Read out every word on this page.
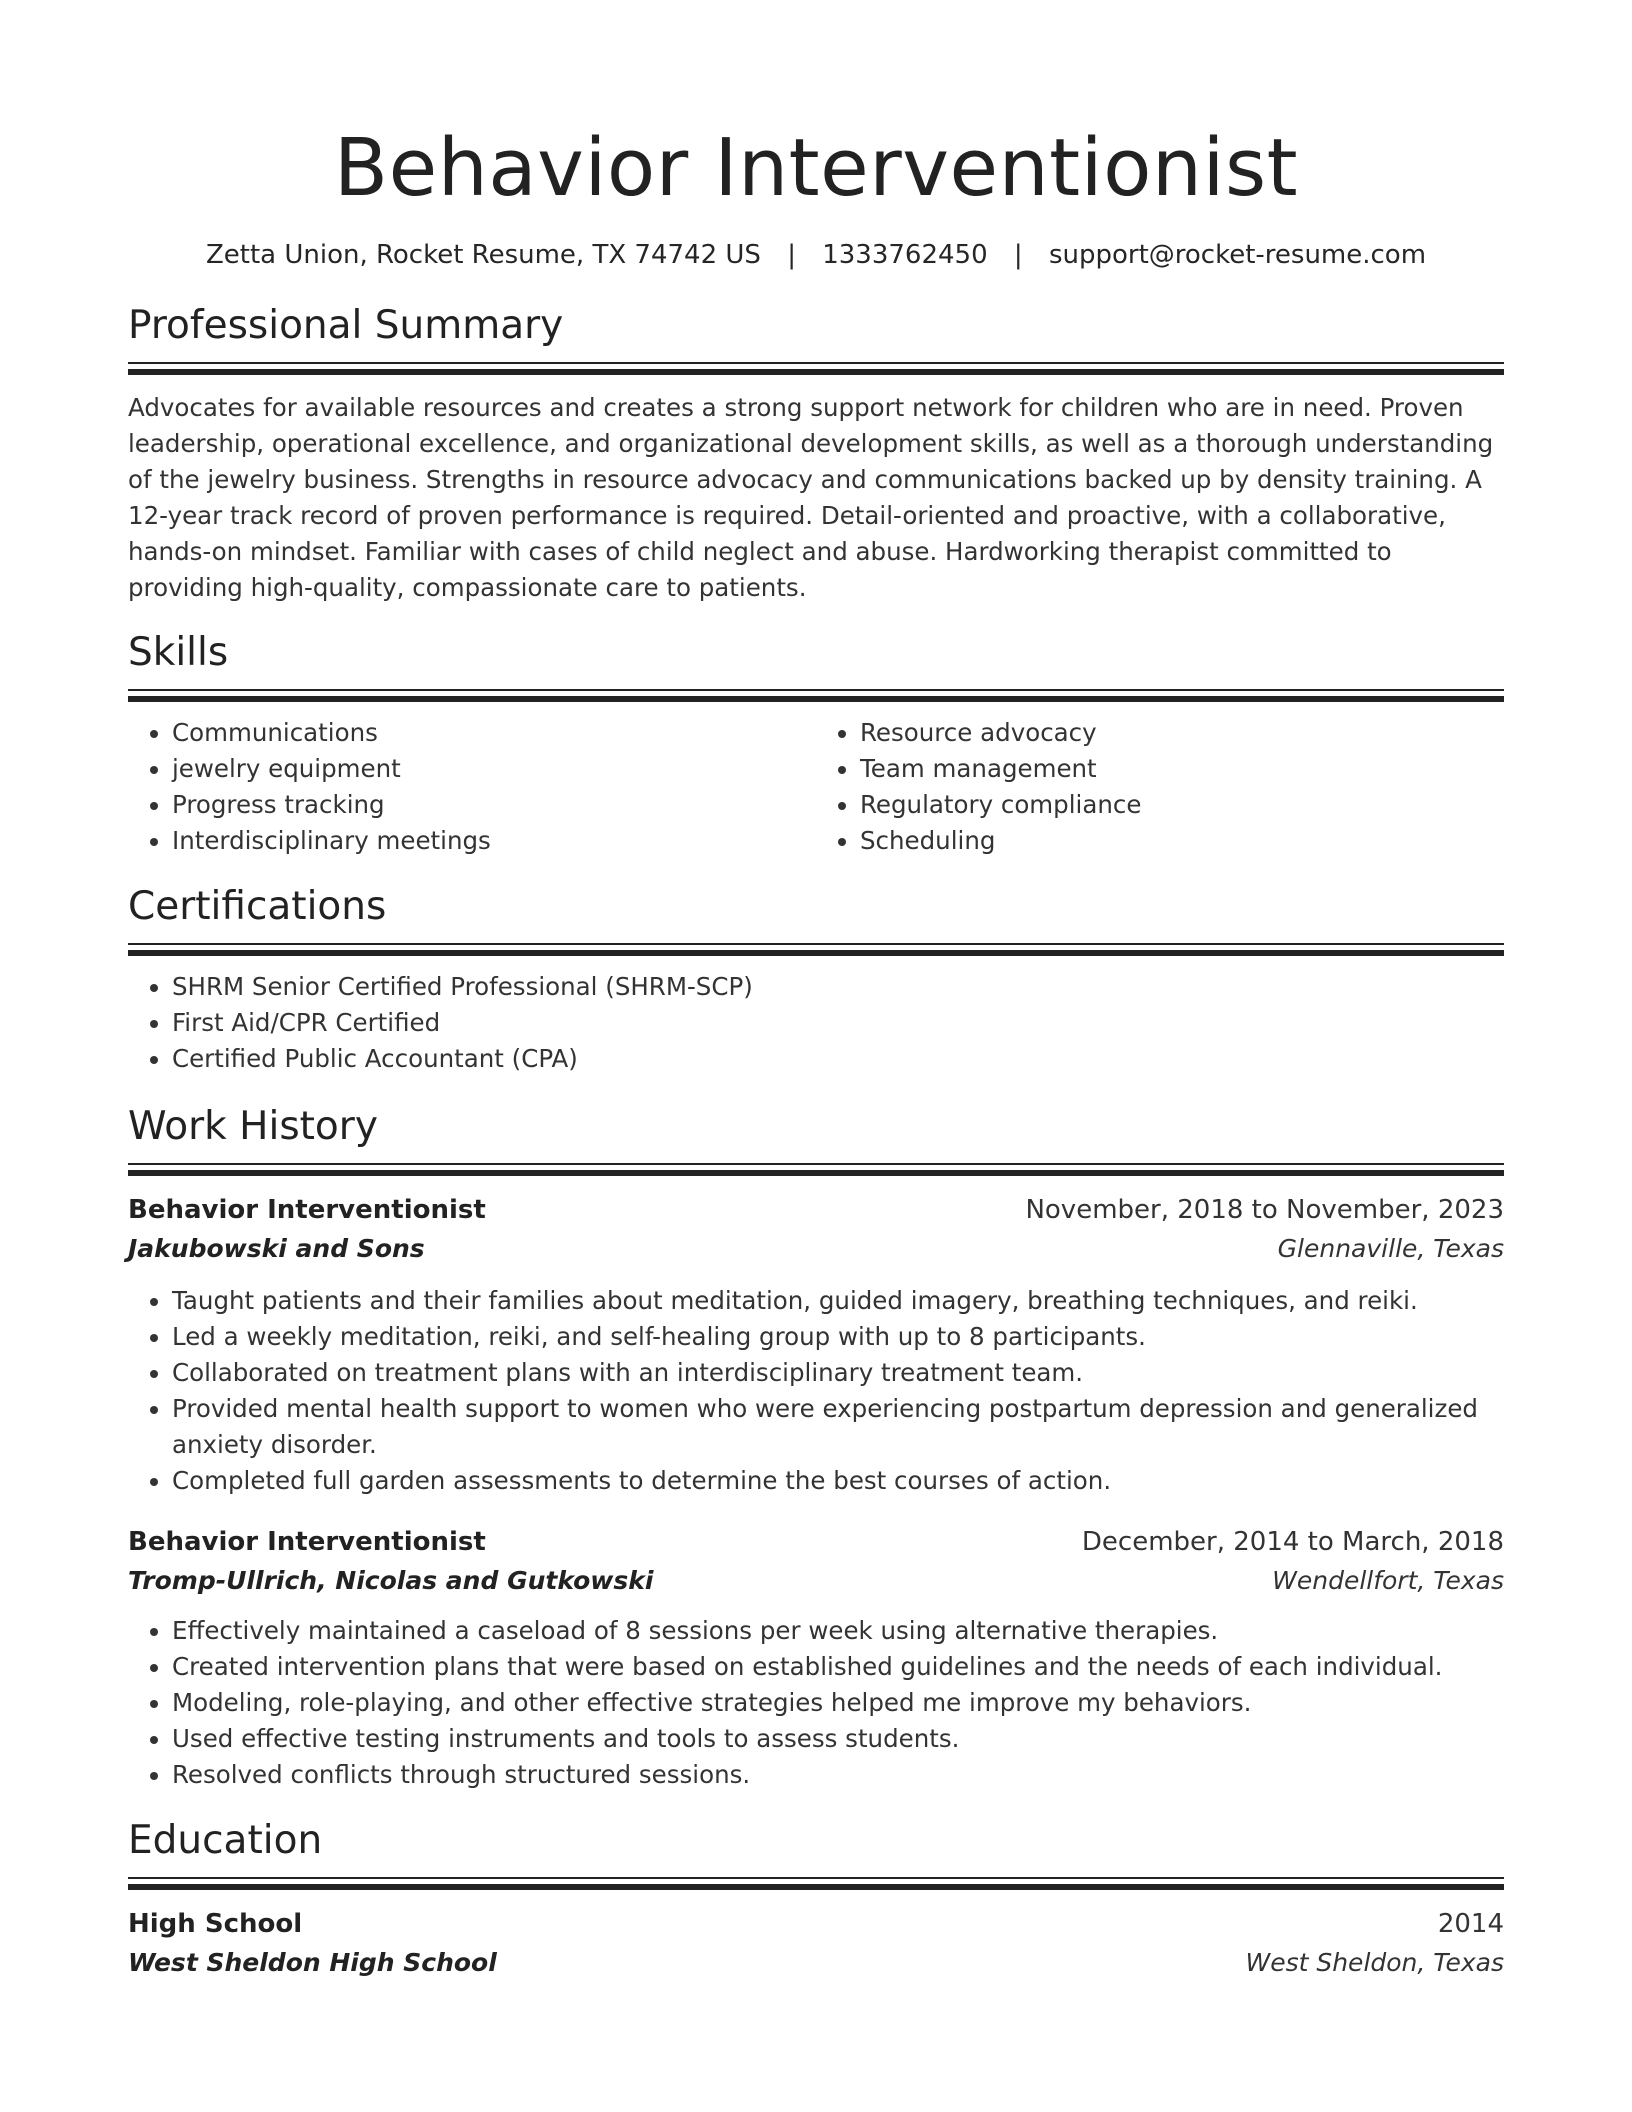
Behavior Interventionist
Zetta Union, Rocket Resume, TX 74742 US | 1333762450 | support@rocket-resume.com
Professional Summary
Advocates for available resources and creates a strong support network for children who are in need. Proven leadership, operational excellence, and organizational development skills, as well as a thorough understanding of the jewelry business. Strengths in resource advocacy and communications backed up by density training. A 12-year track record of proven performance is required. Detail-oriented and proactive, with a collaborative, hands-on mindset. Familiar with cases of child neglect and abuse. Hardworking therapist committed to providing high-quality, compassionate care to patients.
Skills
• Communications
• jewelry equipment
• Progress tracking
• Interdisciplinary meetings
• Resource advocacy
• Team management
• Regulatory compliance
• Scheduling
Certifications
• SHRM Senior Certified Professional (SHRM-SCP)
• First Aid/CPR Certified
• Certified Public Accountant (CPA)
Work History
Behavior Interventionist	November, 2018 to November, 2023
Jakubowski and Sons	Glennaville, Texas
• Taught patients and their families about meditation, guided imagery, breathing techniques, and reiki.
• Led a weekly meditation, reiki, and self-healing group with up to 8 participants.
• Collaborated on treatment plans with an interdisciplinary treatment team.
• Provided mental health support to women who were experiencing postpartum depression and generalized anxiety disorder.
• Completed full garden assessments to determine the best courses of action.
Behavior Interventionist	December, 2014 to March, 2018
Tromp-Ullrich, Nicolas and Gutkowski	Wendellfort, Texas
• Effectively maintained a caseload of 8 sessions per week using alternative therapies.
• Created intervention plans that were based on established guidelines and the needs of each individual.
• Modeling, role-playing, and other effective strategies helped me improve my behaviors.
• Used effective testing instruments and tools to assess students.
• Resolved conflicts through structured sessions.
Education
High School	2014
West Sheldon High School	West Sheldon, Texas
